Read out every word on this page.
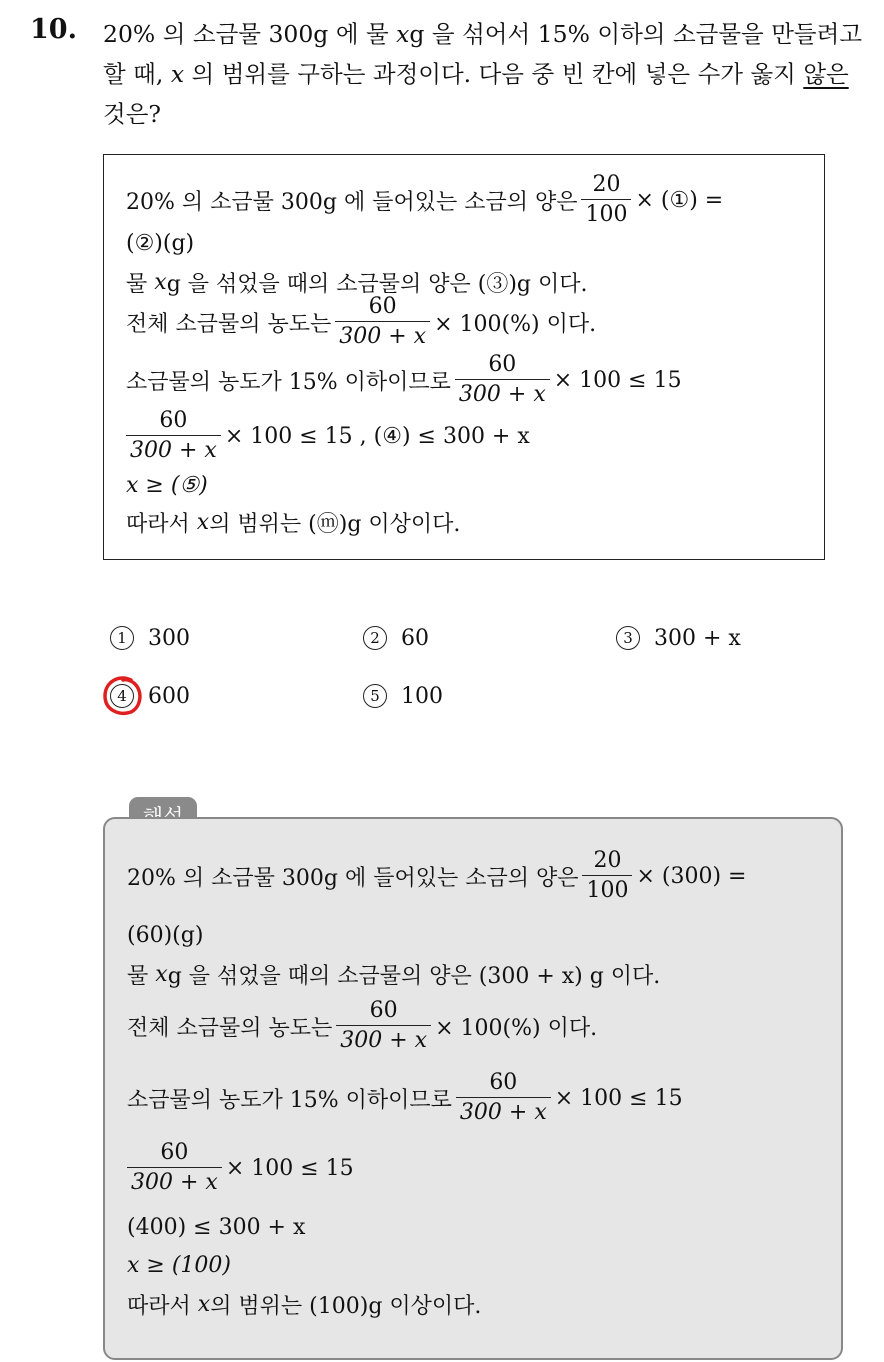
10. 20% 의 소금물 300g 에 물 xg 을 섞어서 15% 이하의 소금물을 만들려고 할 때, x 의 범위를 구하는 과정이다. 다음 중 빈 칸에 넣은 수가 옳지 않은 것은?
20% 의 소금물 300g 에 들어있는 소금의 양은 $\frac{20}{100}$ × (①) =
(②)(g)
물
x g 을 섞었을 때의 소금물의 양은 (③)g 이다.
전체 소금물의 농도는 $\frac{60}{300 + x} \times 100(\%)$ 이다.
소금물의 농도가 15% 이하이므로 $\frac{60}{300 + x} \times 100 \le 15$
$\frac{60}{300 + x} \times 100 \le 15$ , (④) ≤ 300 + x
x ≥ (⑤)
따라서
x 의 범위는 (ⓜ)g 이상이다.
1 300	2 60	3 300 + x
4 600	5 100
20% 의 소금물 300g 에 들어있는 소금의 양은 $\frac{20}{100} \times (300)$ =
(60)(g)
물
x g 을 섞었을 때의 소금물의 양은 (300 + x) g 이다.
전체 소금물의 농도는 $\frac{60}{300 + x} \times 100(\%)$ 이다.
소금물의 농도가 15% 이하이므로 $\frac{60}{300 + x} \times 100 \le 15$
$\frac{60}{300 + x} \times 100 \le 15$
(400) ≤ 300 + x
x ≥ (100)
따라서
x 의 범위는 (100)g 이상이다.
